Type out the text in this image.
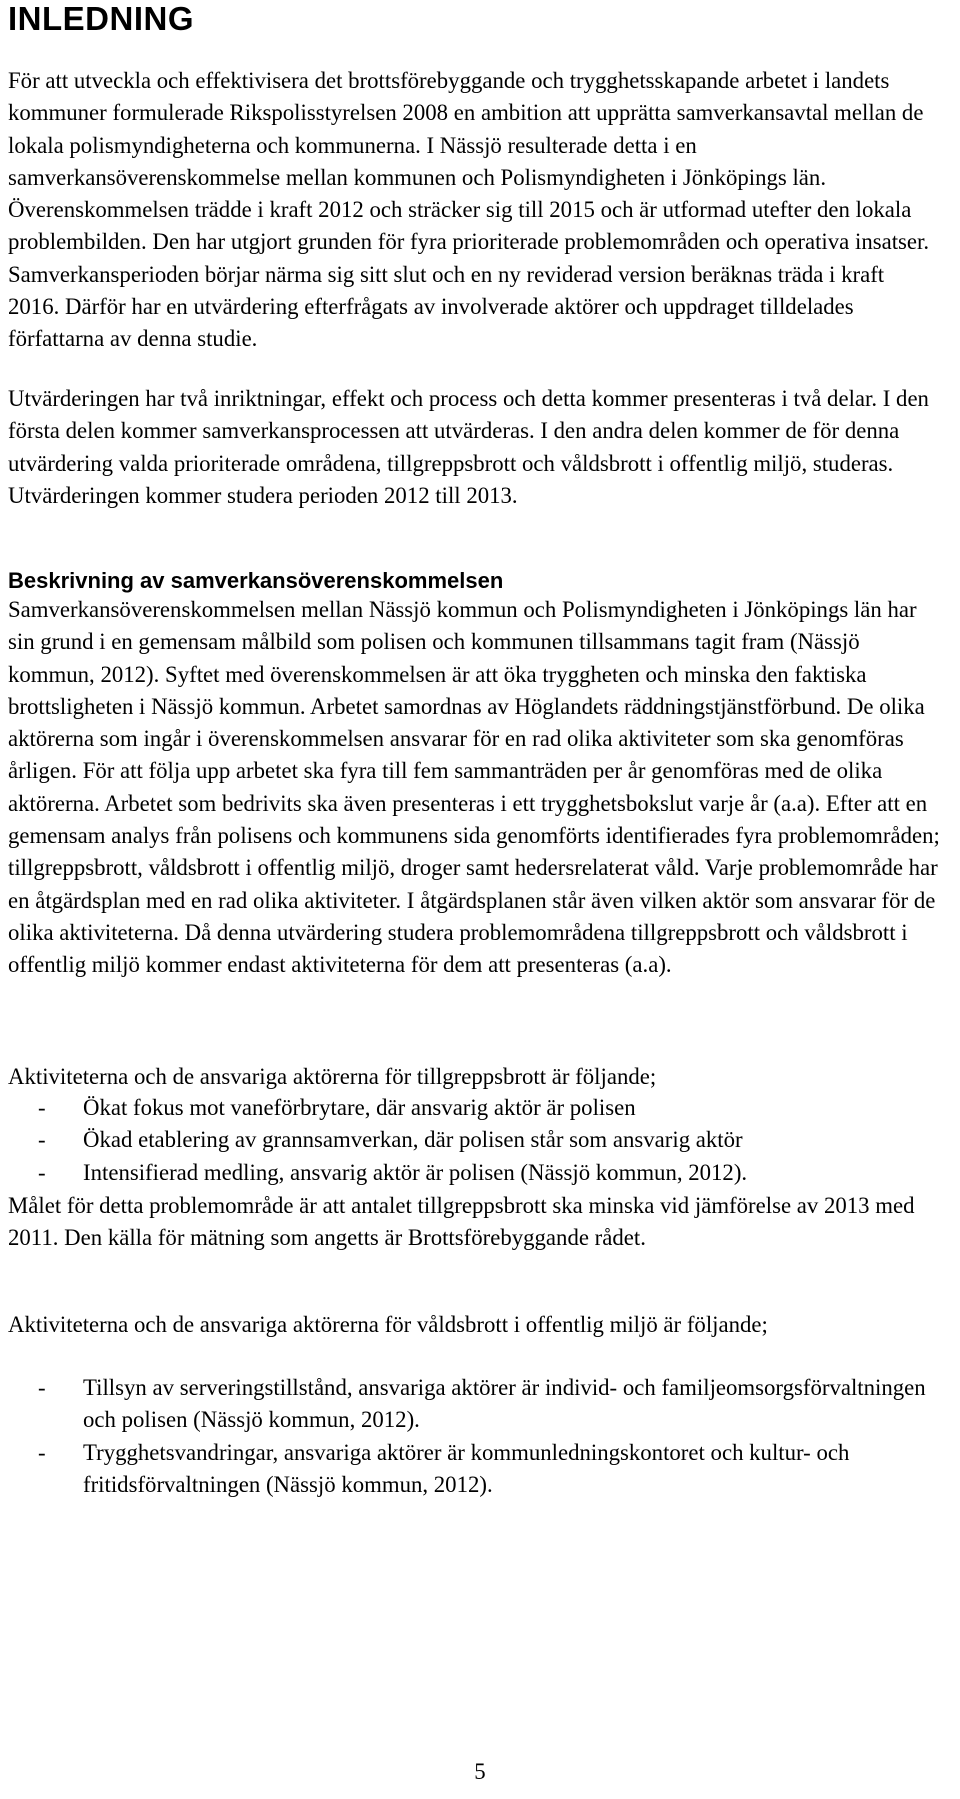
INLEDNING

För att utveckla och effektivisera det brottsförebyggande och trygghetsskapande arbetet i landets kommuner formulerade Rikspolisstyrelsen 2008 en ambition att upprätta samverkansavtal mellan de lokala polismyndigheterna och kommunerna. I Nässjö resulterade detta i en samverkansöverenskommelse mellan kommunen och Polismyndigheten i Jönköpings län. Överenskommelsen trädde i kraft 2012 och sträcker sig till 2015 och är utformad utefter den lokala problembilden. Den har utgjort grunden för fyra prioriterade problemområden och operativa insatser. Samverkansperioden börjar närma sig sitt slut och en ny reviderad version beräknas träda i kraft 2016. Därför har en utvärdering efterfrågats av involverade aktörer och uppdraget tilldelades författarna av denna studie.

Utvärderingen har två inriktningar, effekt och process och detta kommer presenteras i två delar. I den första delen kommer samverkansprocessen att utvärderas. I den andra delen kommer de för denna utvärdering valda prioriterade områdena, tillgreppsbrott och våldsbrott i offentlig miljö, studeras. Utvärderingen kommer studera perioden 2012 till 2013.

Beskrivning av samverkansöverenskommelsen

Samverkansöverenskommelsen mellan Nässjö kommun och Polismyndigheten i Jönköpings län har sin grund i en gemensam målbild som polisen och kommunen tillsammans tagit fram (Nässjö kommun, 2012). Syftet med överenskommelsen är att öka tryggheten och minska den faktiska brottsligheten i Nässjö kommun. Arbetet samordnas av Höglandets räddningstjänstförbund. De olika aktörerna som ingår i överenskommelsen ansvarar för en rad olika aktiviteter som ska genomföras årligen. För att följa upp arbetet ska fyra till fem sammanträden per år genomföras med de olika aktörerna. Arbetet som bedrivits ska även presenteras i ett trygghetsbokslut varje år (a.a). Efter att en gemensam analys från polisens och kommunens sida genomförts identifierades fyra problemområden; tillgreppsbrott, våldsbrott i offentlig miljö, droger samt hedersrelaterat våld. Varje problemområde har en åtgärdsplan med en rad olika aktiviteter. I åtgärdsplanen står även vilken aktör som ansvarar för de olika aktiviteterna. Då denna utvärdering studera problemområdena tillgreppsbrott och våldsbrott i offentlig miljö kommer endast aktiviteterna för dem att presenteras (a.a).

Aktiviteterna och de ansvariga aktörerna för tillgreppsbrott är följande;

- Ökat fokus mot vaneförbrytare, där ansvarig aktör är polisen
- Ökad etablering av grannsamverkan, där polisen står som ansvarig aktör
- Intensifierad medling, ansvarig aktör är polisen (Nässjö kommun, 2012).

Målet för detta problemområde är att antalet tillgreppsbrott ska minska vid jämförelse av 2013 med 2011. Den källa för mätning som angetts är Brottsförebyggande rådet.

Aktiviteterna och de ansvariga aktörerna för våldsbrott i offentlig miljö är följande;

- Tillsyn av serveringstillstånd, ansvariga aktörer är individ- och familjeomsorgsförvaltningen och polisen (Nässjö kommun, 2012).
- Trygghetsvandringar, ansvariga aktörer är kommunledningskontoret och kultur- och fritidsförvaltningen (Nässjö kommun, 2012).
5
